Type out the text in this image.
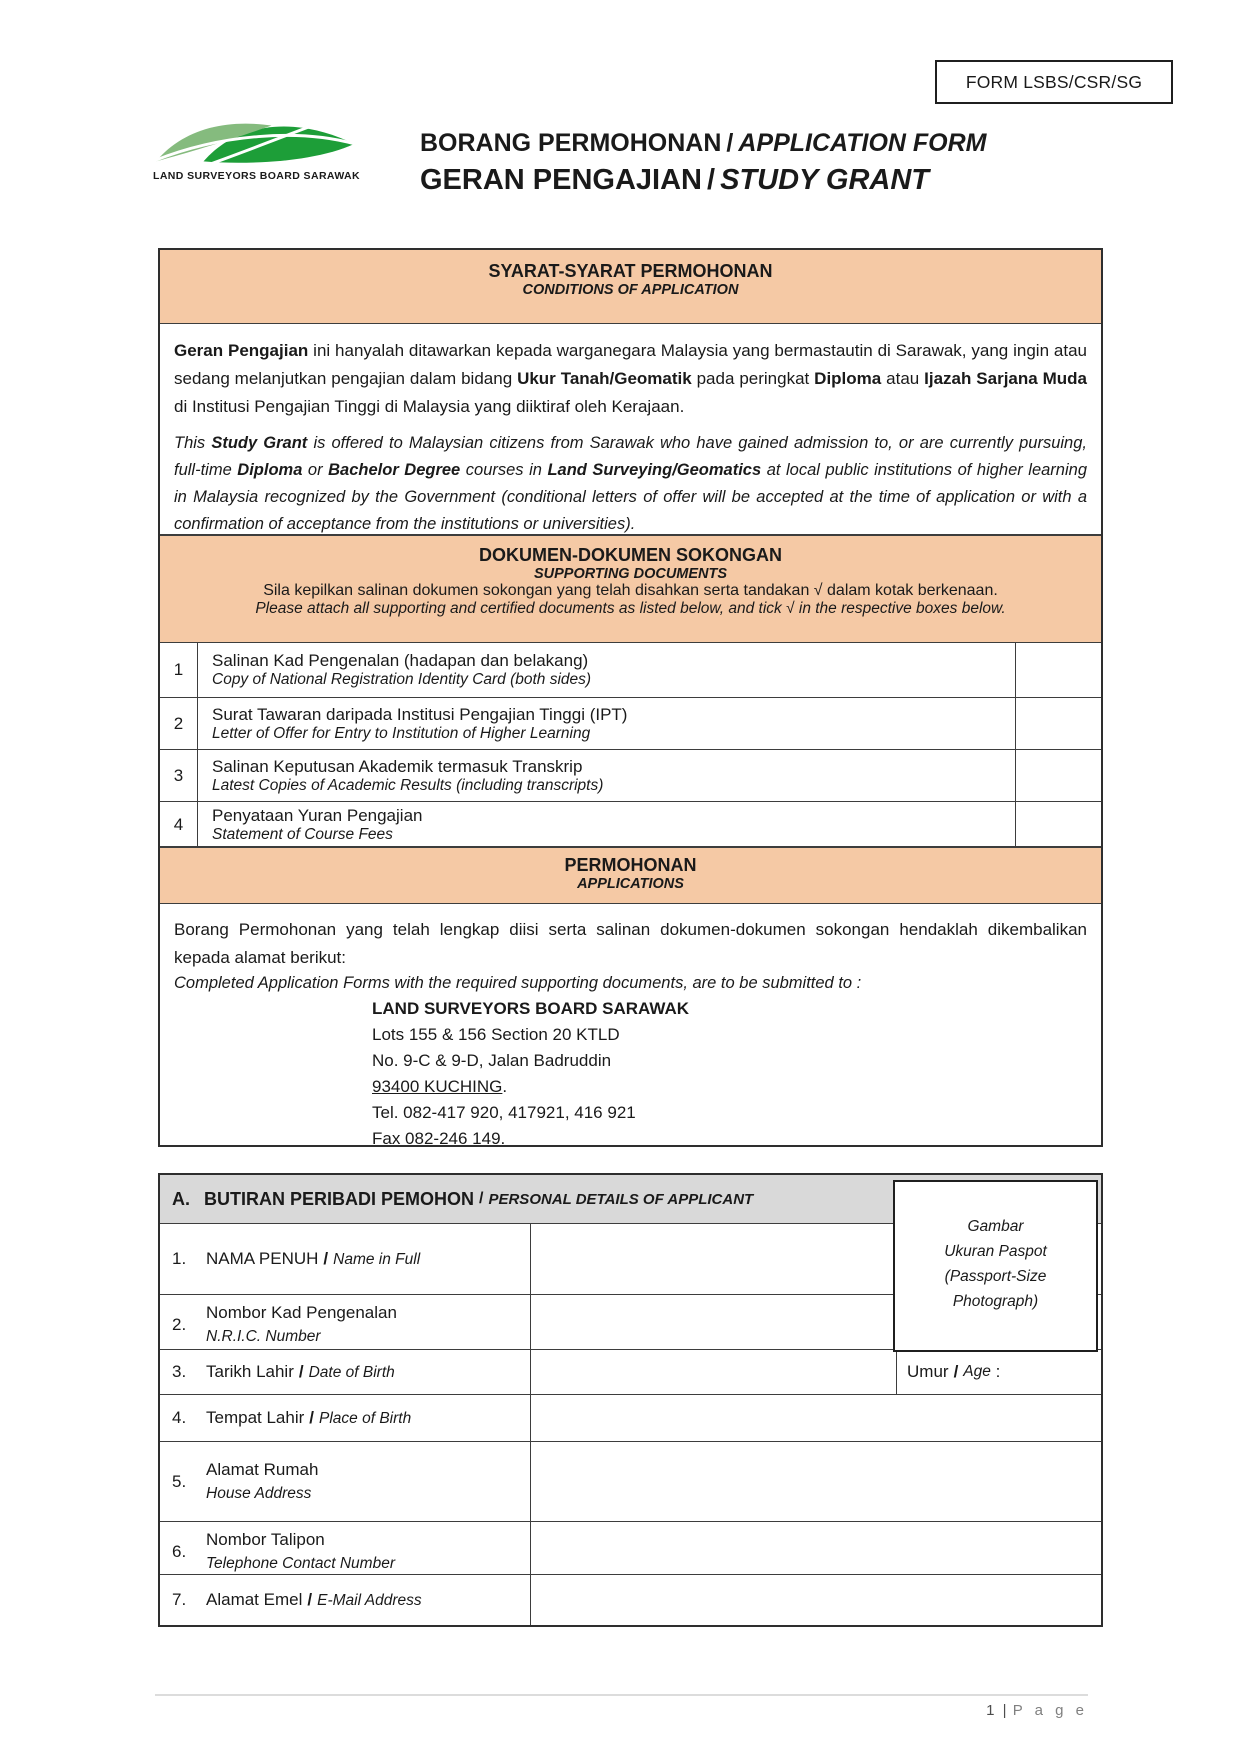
FORM LSBS/CSR/SG
LAND SURVEYORS BOARD SARAWAK
BORANG PERMOHONAN / APPLICATION FORM
GERAN PENGAJIAN / STUDY GRANT
SYARAT-SYARAT PERMOHONAN
CONDITIONS OF APPLICATION
Geran Pengajian ini hanyalah ditawarkan kepada warganegara Malaysia yang bermastautin di Sarawak, yang ingin atau sedang melanjutkan pengajian dalam bidang Ukur Tanah/Geomatik pada peringkat Diploma atau Ijazah Sarjana Muda di Institusi Pengajian Tinggi di Malaysia yang diiktiraf oleh Kerajaan.
This Study Grant is offered to Malaysian citizens from Sarawak who have gained admission to, or are currently pursuing, full-time Diploma or Bachelor Degree courses in Land Surveying/Geomatics at local public institutions of higher learning in Malaysia recognized by the Government (conditional letters of offer will be accepted at the time of application or with a confirmation of acceptance from the institutions or universities).
DOKUMEN-DOKUMEN SOKONGAN
SUPPORTING DOCUMENTS
Sila kepilkan salinan dokumen sokongan yang telah disahkan serta tandakan √ dalam kotak berkenaan.
Please attach all supporting and certified documents as listed below, and tick √ in the respective boxes below.
1	Salinan Kad Pengenalan (hadapan dan belakang)
Copy of National Registration Identity Card (both sides)
2	Surat Tawaran daripada Institusi Pengajian Tinggi (IPT)
Letter of Offer for Entry to Institution of Higher Learning
3	Salinan Keputusan Akademik termasuk Transkrip
Latest Copies of Academic Results (including transcripts)
4	Penyataan Yuran Pengajian
Statement of Course Fees
PERMOHONAN
APPLICATIONS
Borang Permohonan yang telah lengkap diisi serta salinan dokumen-dokumen sokongan hendaklah dikembalikan kepada alamat berikut:
Completed Application Forms with the required supporting documents, are to be submitted to :
LAND SURVEYORS BOARD SARAWAK
Lots 155 & 156 Section 20 KTLD
No. 9-C & 9-D, Jalan Badruddin
93400 KUCHING.
Tel. 082-417 920, 417921, 416 921
Fax 082-246 149.
A. BUTIRAN PERIBADI PEMOHON / PERSONAL DETAILS OF APPLICANT
1.	NAMA PENUH / Name in Full
2.
Nombor Kad Pengenalan
N.R.I.C. Number
3.	Tarikh Lahir / Date of Birth	Umur / Age
:
4.	Tempat Lahir / Place of Birth
5.
Alamat Rumah
House Address
6.
Nombor Talipon
Telephone Contact Number
7.	Alamat Emel / E-Mail Address
Gambar
Ukuran Paspot
(Passport-Size
Photograph)
1 | P a g e
